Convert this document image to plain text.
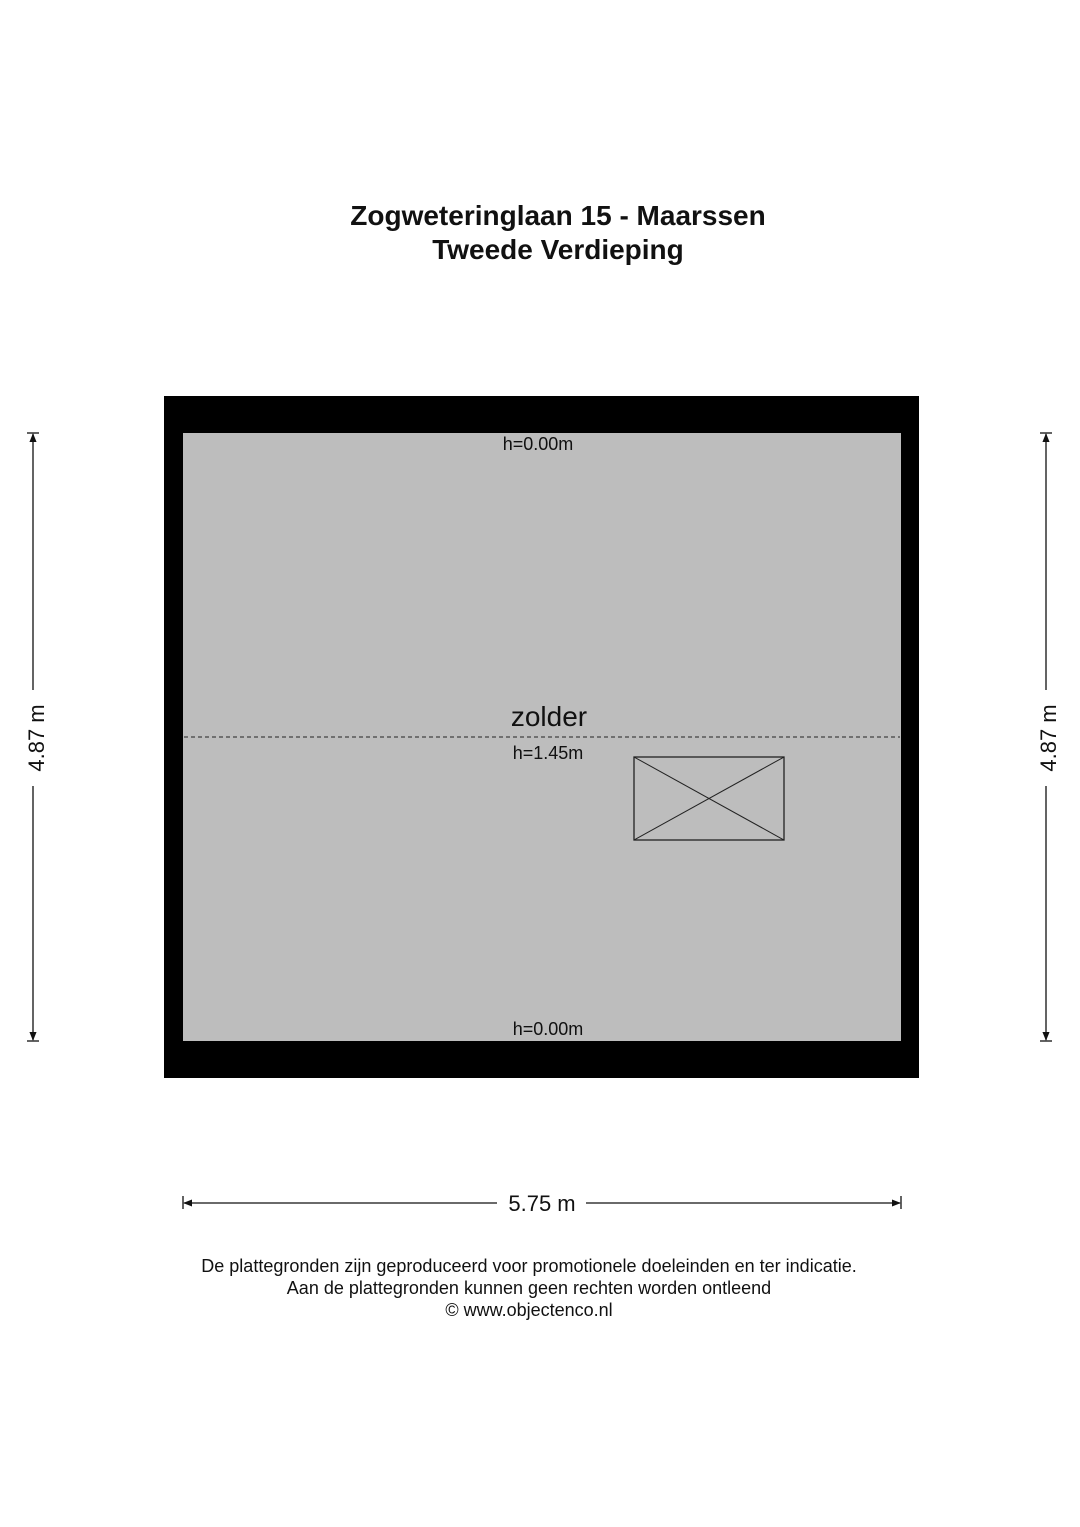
Zogweteringlaan 15 - Maarssen
Tweede Verdieping
h=0.00m
zolder
h=1.45m
h=0.00m
4.87 m	4.87 m
5.75 m
De plattegronden zijn geproduceerd voor promotionele doeleinden en ter indicatie.
Aan de plattegronden kunnen geen rechten worden ontleend
© www.objectenco.nl
